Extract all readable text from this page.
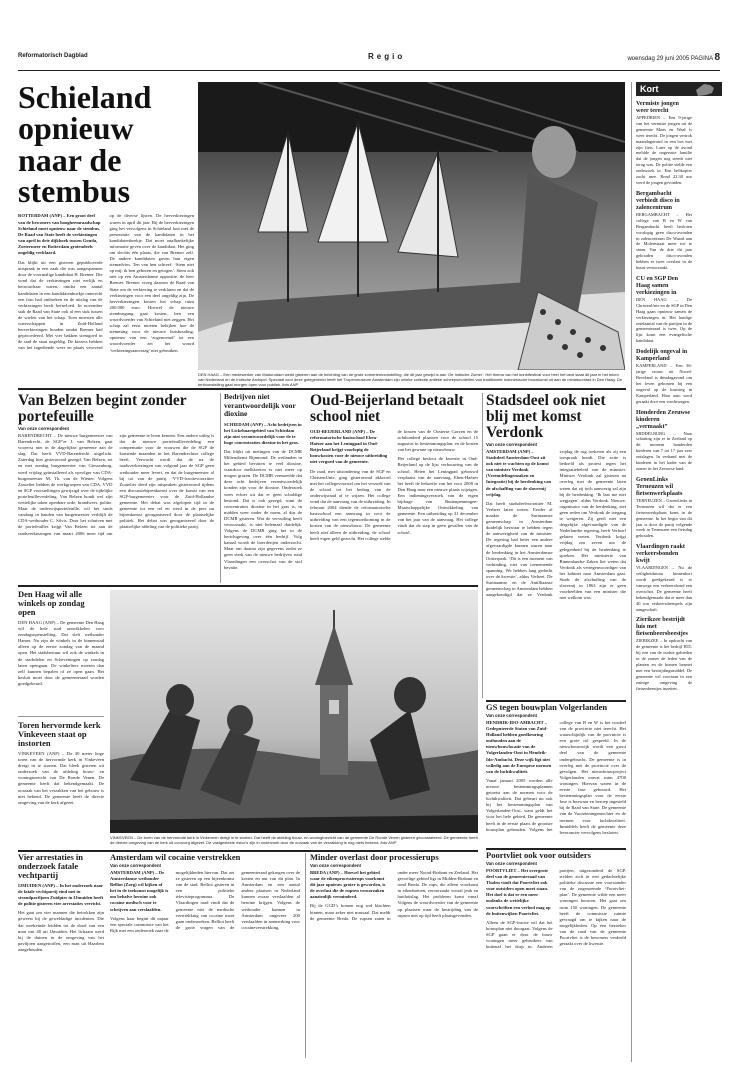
Reformatorisch Dagblad	Regio	woensdag 29 juni 2005 PAGINA 8
Schieland opnieuw naar de stembus
ROTTERDAM (ANP) – Een groot deel van de bewoners van hoogheemraadschap Schieland moet opnieuw naar de stembus. De Raad van State heeft de verkiezingen van april in drie dijkhoek tussen Gouda, Zoetermeer en Rotterdam grotendeels ongeldig verklaard.
Dat blijkt uit een gisteren gepubliceerde uitspraak in een zaak die was aangespannen door de voormalige kandidaat H. Bremer. Die vond dat de verkiezingen niet eerlijk en betrouwbaar waren, omdat een aantal kandidaten in een kandidatenboekje onterecht een foto had ontbreken en de uitslag van de verkiezingen heeft beïnvloed. In november stak de Raad van State ook al een stok tussen de wielen van het schap. Toen moesten alle waterschappen in Zuid-Holland herverkiezingen houden omdat Bremer had geprocedeerd. Met vier bakken stemgoed in de stad de staat ongeldig. De kiezers hebben van het ingediende weer en plaats veroverd op de diverse lijsten. De herverkiezingen waren in april dit jaar. Bij de herverkiezingen ging het vervolgens in Schieland fout met de presentatie van de kandidaten in het kandidatenboekje. Dat moet onafhankelijke informatie geven over de kandidaat. Het ging om slechts één plaats, die van Bremer zelf. De andere kandidaten gaven hun eigen stemadvies. Ten van hen schreef: ‘Stem niet op mij; ik ben geboren en getogen’. Stem ook niet op een Amsterdamse oppositie, de heer Bremer. Bremer vroeg daarom de Raad van State om de verkiezing te verklaren en dat de verkiezingen voor een deel ongeldig zijn. De herverkiezingen kosten het schap ruim 200.000 euro. Hoewel de nieuwe stembusgang gaat kosten, ben een woordvoerder van Schieland niet zeggen. Het schap zal eerst moeten bekijken hoe de stemming voor de nieuwe huishouding, opnieuw van een ‘zogenoemd’ tot een woordvoerder zei het woord ‘verkiezingsaanvraag’ niet gebruiken.
DEN HAAG – Een medewerker van Madurodam werkt gisteren aan de inrichting van de grote zomertentoonstelling, die dit jaar gewijd is aan ‘De Indische Zomer’. Het thema van het kunstfestival voor heel het land staat dit jaar in het teken van Nederland en de Indische Archipel. Speciaal voor deze gelegenheid heeft het Tropenmuseum Amsterdam zijn unieke collectie antieke scheepsmodellen van traditionele Indonesische bouwkunst uit aan de miniatuurstad in Den Haag. De tentoonstelling gaat morgen open voor publiek. foto ANP
Kort
Vermiste jongen weer terecht
APPEDRIEN – Een 9-jarige van het vermiste jongen uit de gemeente Maas en Waal is weer terecht. De jongen vertrok maandagavond in een bos met zijn fiets. Later op de avond meldde de ongeruste familie dat de jongen nog steeds niet terug was. De politie stelde een onderzoek in. Een helikopter zocht mee. Rond 22.30 uur werd de jongen gevonden.
Bergambacht verbiedt disco in zalencentrum
BERGAMBACHT – Het college van B en W van Bergambacht heeft besloten voorlopig geen disco-avonden in zalencentrum De Waard aan de Molenstraat meer toe te staan. Van de drie dit jaar gehouden disco-avonden hebben er twee overlast in de buurt veroorzaakt.
CU en SGP Den Haag samen verkiezingen in
DEN HAAG – De ChristenUnie en de SGP in Den Haag gaan opnieuw samen de verkiezingen in. Het huidige zetelaantal van de partijen in de gemeenteraad is twee. Op de lijst komt een evangelische kandidaat.
Dodelijk ongeval in Kamperland
KAMPERLAND – Een 36-jarige vrouw uit Noord-Beveland is dinsdagavond om het leven gekomen bij een ongeval op de kruising in Kamperland. Haar auto werd geraakt door een vrachtwagen.
Honderden Zeeuwse kinderen „vermaakt”
MIDDELBURG – Naar schatting zijn er in Zeeland op dit moment honderden kinderen van 7 tot 17 jaar zeer ontslagen. In verband met de kinderen in het kader van de zomer in het Zeeuwse land.
GroenLinks Terneuzen wil fietsenwerkplaats
TERNEUZEN – GroenLinks in Terneuzen wil dat er een fietsenwerkplaats komt in de gemeente. In het begin van dit jaar is door de partij volgende week in Terneuzen een fietsdag gehouden.
Vlaardingen raakt verkeersbonden kwijt
VLAARDINGEN – Nu de veiligheidsnota binnenkort wordt goedgekeurd is er vanwege een verkeersbond een overschot. De gemeente heeft bekendgemaakt dat er meer dan 40 ton verkeersdrempels zijn aangeschaft.
Zierikzee bestrijdt luis met fietsenbeersbeestjes
ZIERIKZEE – In opdracht van de gemeente is het bedrijf BTL bij een van de oudste gebieden in de zomer de leden van de planten en de bomen besmet met een bestrijdingsmiddel. De gemeente wil voortaan in een zuinige omgeving de fietsenbeestjes inzetten.
Van Belzen begint zonder portefeuille
Van onze correspondent
BARENDRECHT – De nieuwe burgemeester van Barendrecht, de SGP’er J. van Belzen, gaat voorerst niet in de dagelijkse gemeente aan de slag. Dat heeft VVD-Barendrecht uitgelicht. Zaterdag hier gisteravond gezegd. Van Belzen, tot en met zondag burgemeester van Giessenburg, werd vrijdag geïnstalleerd als opvolger van CDA-burgemeester M. Th. van de Wiener. Volgens Zoutelier hebben de werkgroepen van CDA, VVD en SGP voorstellingen gewijzigd over de tijdelijke portefeuilleverdeling. Van Belzen houdt wel zijn wettelijke taken openbare orde, brandweer, politie. Maar de onderwijsportefeuille, wil het sinds vandaag in handen van burgemeester verblijft de CDA-wethouder C. Silvis. Door het schuiven met de portefeuilles krijgt Van Belzen tot aan de raadsverkiezingen van maart 2006 meer tijd om zijn gemeente te leren kennen. Een andere uitleg is dat de nieuwe portefeuilleverdeling een compensatie voor de vrouwen die de SGP de komende maanden in het Barendrechtse college heeft. Verwacht wordt dat de na de raadsverkiezingen van volgend jaar de SGP geen wethouder meer levert, en dat de burgemeester al bij tot van de partij. ‘VVD-fractievoorzitter Zoutelier deed zijn uitspraken gisteravond tijdens een discussiebijeenkomst over de komst van een SGP-burgemeester voor de Zuid-Hollandse gemeente. Het debat was afgelopen tijd in de gemeente tot een rel en werd in de pers nu bijeenkomst georganiseerd door de plaatselijke politiek. Het debat was georganiseerd door de plaatselijke afdeling van de politieke partij.
Bedrijven niet verantwoordelijk voor dioxine
SCHIEDAM (ANP) – Acht bedrijven in het Lickebaartgebied van Schiedam zijn niet verantwoordelijk voor de te hoge concentraties dioxine in het gras.
Dat blijkt uit metingen van de DCMR Milieudienst Rijnmond. De weilanden in het gebied bevatten te veel dioxine, waardoor melkkoeien er niet meer op mogen grazen. De DCMR vermoedde dat deze acht bedrijven verantwoordelijk konden zijn voor de dioxine. Onderzoek wees echter uit dat er geen schuldige bestond. Dat is ook gezegd, want de concentraties dioxine in het gras is, in midden weer onder de norm, al dus de DCMR gisteren. Wat de vervuiling heeft veroorzaakt, is niet helemaal duidelijk. Volgens de DCMR ging het in de berichtgeving over één bedrijf. Volg kanaal wordt de boerderijen onderzocht. Maar om daarna zijn gegevens zodat ze geen sterk van de nieuwe bedrijven rond Vlaardingen een overschot van de stof bevatte.
Oud-Beijerland betaalt school niet
OUD-BEIJERLAND (ANP) – De reformatorische basisschool Eben-Haëzer aan het Leningpad in Oud-Beijerland krijgt voorlopig de bouwkosten voor de nieuwe uitbreiding niet vergoed van de gemeente.
De raad, met uitzondering van de SGP en ChristenUnie, ging gisteravond akkoord met het collegevoorstel om het verzoek van de school tot het bedrag van de onderwijsraad af te wijzen. Het college vond dat de aanvraag van de uitbreiding. In februari 2004 diende de reformatorische basisschool een aanvraag in voor de uitbreiding van een tegemoetkoming in de kosten van de nieuwbouw. De gemeente heeft niet alleen de uitbreiding, de school heeft eigen geld gezocht. Het college stelde de kosten van de Oosterse Gorzen en de achthonderd plaatsen voor de school 15 augustus in bestemmingsplan, en de kosten van het gewone op nieuwbouw.
Het college besloot de kwestie in Oud-Beijerland op de lijst verbouwing van de school. Heten het Leningpad gebouwd verplaatst van de aanvraag, Eben-Haëzer het heeft de behoefte van het voor 2008 in Den Haag naar een nieuwe plaats wijzigen. Een indieningsverzoek van de eigen bijdrage van Buitenpenningen-Maatschappelijke Ontwikkeling van gemeente. Een uitbreiding op 31 december van het jaar van de aanvraag. Het college vindt dat de stap in geen gevallen van de school.
Stadsdeel ook niet blij met komst Verdonk
Van onze correspondent
AMSTERDAM (ANP) – Stadsdeel Amsterdam-Oost zit ook niet te wachten op de komst van minister Verdonk (Vreemdelingenzaken en Integratie) bij de herdenking van de afschaffing van de slavernij vrijdag.
Dat heeft stadsdeelvoorzitter M. Verheet laten weten. Eerder al maakte de Surinaamse gemeenschap in Amsterdam duidelijk bezwaar te hebben tegen de aanwezigheid van de minister. De regering had beter een andere afgevaardigde kunnen sturen naar de herdenking in het Amsterdamse Oosterpark. ‘Dit is een moment van verbinding, niet van toenemende spanning. We hebben lang gedacht over de kwestie’, aldus Verheet. De Surinaamse en de Antilliaanse gemeenschap in Amsterdam hebben aangekondigd dat ze Verdonk vrijdag de rug toekeren als zij een toespraak houdt. Die actie is bedoeld als protest tegen het integratiebeleid van de minister. Minister Verdonk zal gisteren na overleg met de gemeente laten weten dat zij toch aanwezig zal zijn bij de herdenking. ‘Ik laat me niet wegjagen’, aldus Verdonk. Nieuwe, organisator van de herdenking, ziet geen reden om Verdonk de toegang te weigeren. Zij geeft niet een dergelijke afgevaardigde van de Nederlandse regering, heeft Verhoef gelaten weten. Verdonk krijgt vrijdag om zeven uur de gelegenheid bij de herdenking te spreken. Het ministerie van Binnenlandse Zaken liet weten dat Verdonk als vertegenwoordiger van het kabinet naar Amsterdam gaat. Sinds de afschaffing van de slavernij in 1863 zijn er geen voorbeelden van een minister die niet welkom was.
Den Haag wil alle winkels op zondag open
DEN HAAG (ANP) – De gemeente Den Haag wil de hele stad ontwikkelen voor zondagsopenstelling. Dat stelt wethouder Hamer. Nu zijn de winkels in de binnenstad alleen op de eerste zondag van de maand open. Het stadsbestuur wil ook de winkels in de stadsdelen en Scheveningen op zondag laten opengaan. De winkeliers moeten dan zelf kunnen bepalen of ze open gaan. Het besluit moet door de gemeenteraad worden goedgekeurd.
Toren hervormde kerk Vinkeveen staat op instorten
VINKEVEEN (ANP) – De 30 meter hoge toren van de hervormde kerk in Vinkeveen dreigt in te storten. Dat bleek gisteren uit onderzoek van de afdeling bouw- en woningtoezicht van De Ronde Venen. De gemeente heeft dat bekendgemaakt. De oorzaak van het verzakken van het gebouw is niet bekend. De gemeente heeft de directe omgeving van de kerk afgezet.
VINKEVEEN – De toren van de hervormde kerk in Vinkeveen dreigt in te storten. Dat heeft de afdeling bouw- en woningtoezicht van de gemeente De Ronde Venen gisteren geconstateerd. De gemeente heeft de directe omgeving van de kerk uit voorzorg afgezet. De vastgestelde risico’s zijn in onderzoek door de oorzaak van de verzakking is nog niets bekend. foto ANP
GS tegen bouwplan Volgerlanden
Van onze correspondent
HENDRIK-IDO-AMBACHT – Gedeputeerde Staten van Zuid-Holland hebben goedkeuring onthouden aan de nieuwbouwlocatie van de Volgerlanden-Oost in Hendrik-Ido-Ambacht. Deze wijk ligt niet volledig aan de Europese normen van de luchtkwaliteit.
Vanaf januari 2005 worden alle nieuwe bestemmingsplannen getoetst aan de normen voor de luchtkwaliteit. Dat gebeurt nu ook bij het bestemmingsplan van Volgerlanden-Oost, want geldt het voor het hele gebied. De gemeente heeft in de eerste plaats de grootste bouwplan gehouden. Volgens het college van B en W is het oordeel van de provincie niet terecht. Het waarschijnlijk van de provincie is een grote rol gespeeld. In de nieuwbouwwijk wordt een groot deel van de gemeente ondergebracht. De gemeente is in overleg met de provincie over de gevolgen. Het nieuwbouwproject Volgerlanden omvat ruim 4700 woningen. Hiervan waren in de eerste fase gebouwd. Het bestemmingsplan voor de eerste fase is bezwaar en beroep ingesteld bij de Raad van State. De gemeente van de Voorzieningenrechter en de normen voor luchtkwaliteit. Inmiddels heeft de gemeente deze leverancier vervolgens besloten.
Vier arrestaties in onderzoek fatale vechtpartij
IJMUIDEN (ANP) – In het onderzoek naar de fatale vechtpartij eind mei in strandpaviljoen Zuidpier in IJmuiden heeft de politie gisteren vier arrestaties verricht.
Het gaat om vier mannen die betrokken zijn geweest bij de geweldadige incidenten. Die dat weekeinde leidden tot de dood van een man van 48 uit IJmuiden. Het lichaam werd bij de duinen in de omgeving van het paviljoen aangetroffen, een man uit Haarlem aangehouden.
Amsterdam wil cocaine verstrekken
Van onze correspondent
AMSTERDAM (ANP) – De Amsterdamse wethouder Belliot (Zorg) wil kijken of het in de toekomst mogelijk is om behalve heroïne ook cocaïne medisch voor te schrijven aan verslaafden.
Volgens haar begint dit najaar een speciale commissie van het Rijk met een onderzoek naar de mogelijkheden hiervan. Dat zei ze gisteren op een bijeenkomst van de stad. Belliot gisteren in een politieke televisieprogramma. De Vlaardingen raad vindt dat de gemeente niet de medische verstrekking van cocaïne moet gaan onderzoeken. Belliot heeft de grote vragen van de gemeenteraad gekregen over de kosten en nut van dit plan. In Amsterdam en een aantal andere plaatsen in Nederland kunnen zwaar verslaafden al heroïne krijgen. Volgens de wethouder kunnen in Amsterdam ongeveer 200 verslaafden in aanmerking voor cocaïneverstrekking.
Minder overlast door processierups
Van onze correspondent
BREDA (ANP) – Hoewel het gebied waar de eikenprocessierups voorkomt dit jaar opnieuw groter is geworden, is de overlast die de rupsen veroorzaken aanzienlijk verminderd.
Bij de GGD’s komen nog wel klachten binnen, maar zeker niet massaal. Dat meldt de gemeente Breda. De rupsen zaten in onder meer Noord-Brabant en Zeeland. Het gevoelige gebied ligt in Midden-Brabant en rond Breda. De rups, die alleen voorkomt in eikenbomen, veroorzaakt vooral jeuk en huiduitslag. Het probleem komt vanaf Volgens de woordvoerder van de gemeente op plaatsen waar de bestrijding van de rupsen niet op tijd heeft plaatsgevonden.
Poortvliet ook voor outsiders
Van onze correspondent
POORTVLIET – Het overgrote deel van de gemeenteraad van Tholen vindt dat Poortvliet ook voor outsiders open moet staan. Het doel is dat er een meer ondanks de wettelijke voorschriften een verbod mag op de buitenwijken Poortvliet.
Alleen de SGP-fractie wil dat het bouwplan niet doorgaat. Volgens de SGP gaan er door de bouw woningen meer gebruikers van buitenaf het dorp in. Anderen partijen, uitgezonderd de SGP, stelden zich in een gedachtelijke politieke discussie een voorstander van de zogenoemde ‘Poortvliet-plan’. De gemeente wilde een meer woningen bouwen. Het gaat om ruim 150 woningen. De gemeente heeft de commissie ruimte gevraagd om te kijken naar de mogelijkheden. Op een bezoeker van de raad van de gemeente Poortvliet is de bewoners verdeeld geraakt over de kwestie.
